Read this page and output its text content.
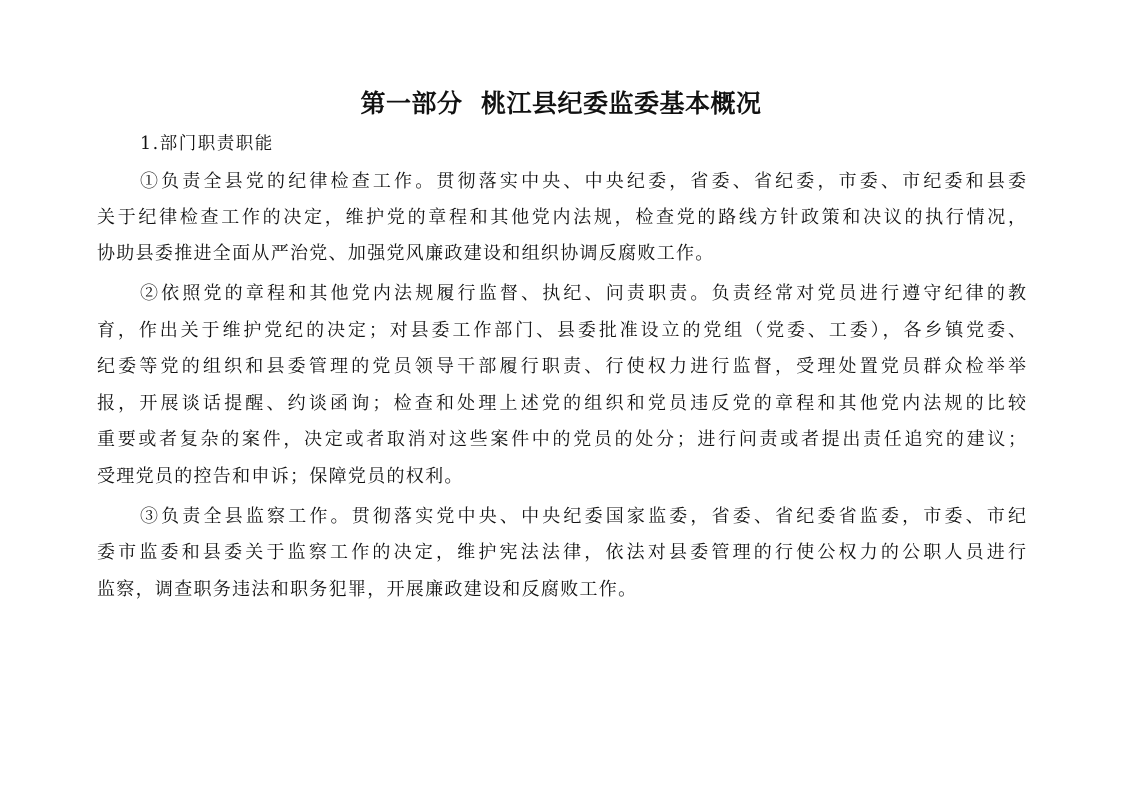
第一部分  桃江县纪委监委基本概况
1.部门职责职能
①负责全县党的纪律检查工作。贯彻落实中央、中央纪委，省委、省纪委，市委、市纪委和县委
关于纪律检查工作的决定，维护党的章程和其他党内法规，检查党的路线方针政策和决议的执行情况，
协助县委推进全面从严治党、加强党风廉政建设和组织协调反腐败工作。
②依照党的章程和其他党内法规履行监督、执纪、问责职责。负责经常对党员进行遵守纪律的教
育，作出关于维护党纪的决定；对县委工作部门、县委批准设立的党组（党委、工委），各乡镇党委、
纪委等党的组织和县委管理的党员领导干部履行职责、行使权力进行监督，受理处置党员群众检举举
报，开展谈话提醒、约谈函询；检查和处理上述党的组织和党员违反党的章程和其他党内法规的比较
重要或者复杂的案件，决定或者取消对这些案件中的党员的处分；进行问责或者提出责任追究的建议；
受理党员的控告和申诉；保障党员的权利。
③负责全县监察工作。贯彻落实党中央、中央纪委国家监委，省委、省纪委省监委，市委、市纪
委市监委和县委关于监察工作的决定，维护宪法法律，依法对县委管理的行使公权力的公职人员进行
监察，调查职务违法和职务犯罪，开展廉政建设和反腐败工作。
